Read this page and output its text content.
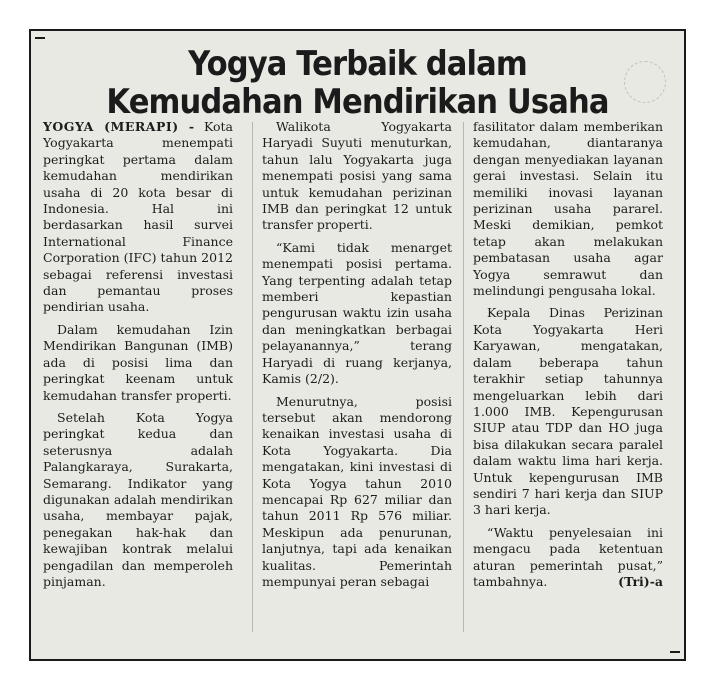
Yogya Terbaik dalam
Kemudahan Mendirikan Usaha

YOGYA (MERAPI) - Kota Yogyakarta menempati peringkat pertama dalam kemudahan mendirikan usaha di 20 kota besar di Indonesia. Hal ini berdasarkan hasil survei International Finance Corporation (IFC) tahun 2012 sebagai referensi investasi dan pemantau proses pendirian usaha.

Dalam kemudahan Izin Mendirikan Bangunan (IMB) ada di posisi lima dan peringkat keenam untuk kemudahan transfer properti.

Setelah Kota Yogya peringkat kedua dan seterusnya adalah Palangkaraya, Surakarta, Semarang. Indikator yang digunakan adalah mendirikan usaha, membayar pajak, penegakan hak-hak dan kewajiban kontrak melalui pengadilan dan memperoleh pinjaman.

Walikota Yogyakarta Haryadi Suyuti menuturkan, tahun lalu Yogyakarta juga menempati posisi yang sama untuk kemudahan perizinan IMB dan peringkat 12 untuk transfer properti.

“Kami tidak menarget menempati posisi pertama. Yang terpenting adalah tetap memberi kepastian pengurusan waktu izin usaha dan meningkatkan berbagai pelayanannya,” terang Haryadi di ruang kerjanya, Kamis (2/2).

Menurutnya, posisi tersebut akan mendorong kenaikan investasi usaha di Kota Yogyakarta. Dia mengatakan, kini investasi di Kota Yogya tahun 2010 mencapai Rp 627 miliar dan tahun 2011 Rp 576 miliar. Meskipun ada penurunan, lanjutnya, tapi ada kenaikan kualitas. Pemerintah mempunyai peran sebagai

fasilitator dalam memberikan kemudahan, diantaranya dengan menyediakan layanan gerai investasi. Selain itu memiliki inovasi layanan perizinan usaha pararel. Meski demikian, pemkot tetap akan melakukan pembatasan usaha agar Yogya semrawut dan melindungi pengusaha lokal.

Kepala Dinas Perizinan Kota Yogyakarta Heri Karyawan, mengatakan, dalam beberapa tahun terakhir setiap tahunnya mengeluarkan lebih dari 1.000 IMB. Kepengurusan SIUP atau TDP dan HO juga bisa dilakukan secara paralel dalam waktu lima hari kerja. Untuk kepengurusan IMB sendiri 7 hari kerja dan SIUP 3 hari kerja.

“Waktu penyelesaian ini mengacu pada ketentuan aturan pemerintah pusat,” tambahnya.	(Tri)-a
